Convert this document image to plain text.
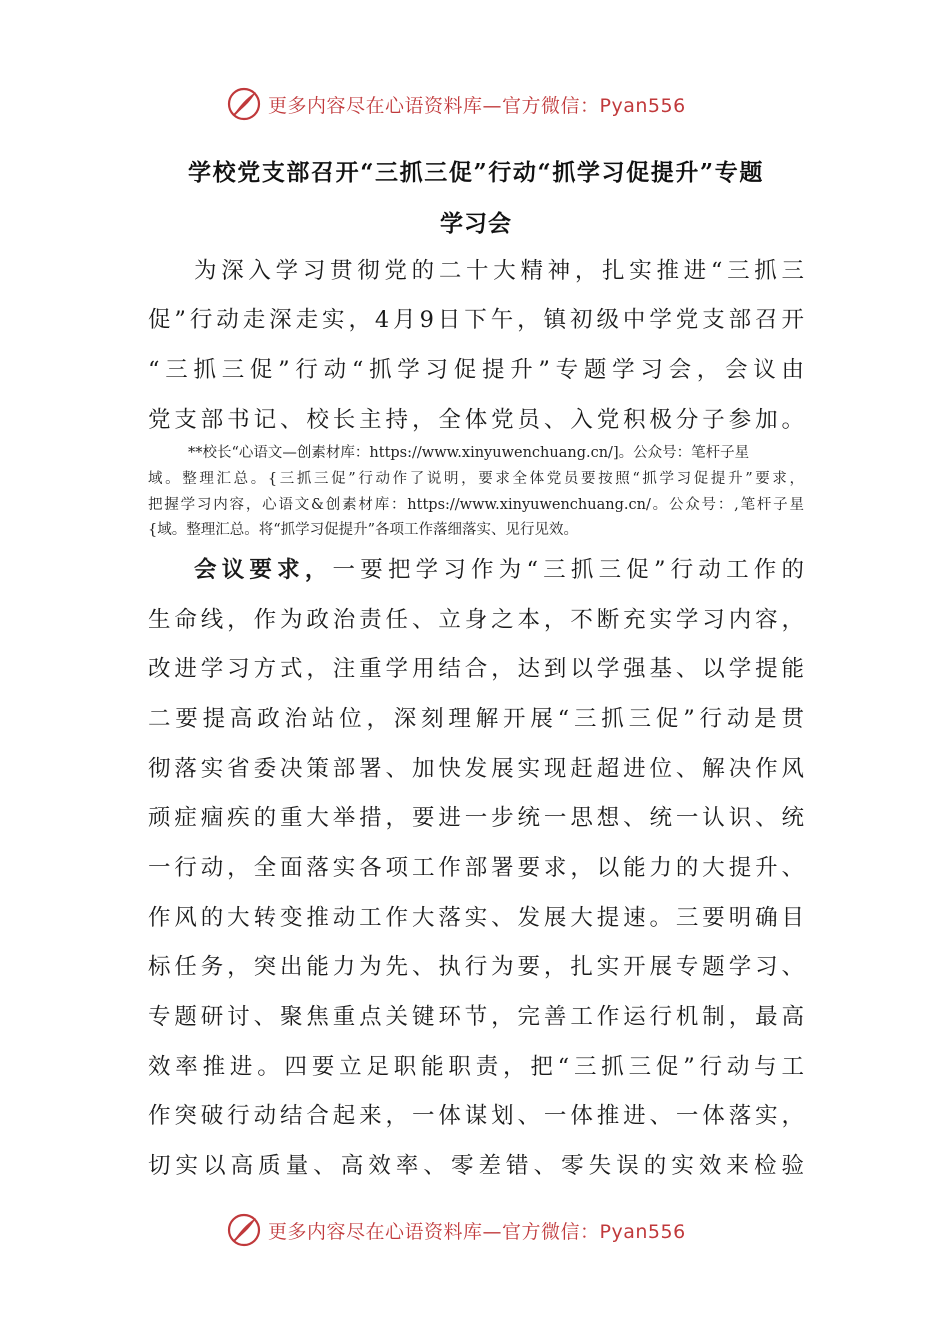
更多内容尽在心语资料库—官方微信：Pyan556
学校党支部召开“三抓三促”行动“抓学习促提升”专题
学习会
为深入学习贯彻党的二十大精神，扎实推进“三抓三
促”行动走深走实，4月9日下午，镇初级中学党支部召开
“三抓三促”行动“抓学习促提升”专题学习会，会议由
党支部书记、校长主持，全体党员、入党积极分子参加。
**校长“心语文—创素材库：https://www.xinyuwenchuang.cn/]。公众号：笔杆子星
域。整理汇总。{三抓三促”行动作了说明，要求全体党员要按照“抓学习促提升”要求，
把握学习内容，心语文&创素材库：https://www.xinyuwenchuang.cn/。公众号：,笔杆子星
{域。整理汇总。将“抓学习促提升”各项工作落细落实、见行见效。
会议要求，一要把学习作为“三抓三促”行动工作的
生命线，作为政治责任、立身之本，不断充实学习内容，
改进学习方式，注重学用结合，达到以学强基、以学提能
二要提高政治站位，深刻理解开展“三抓三促”行动是贯
彻落实省委决策部署、加快发展实现赶超进位、解决作风
顽症痼疾的重大举措，要进一步统一思想、统一认识、统
一行动，全面落实各项工作部署要求，以能力的大提升、
作风的大转变推动工作大落实、发展大提速。三要明确目
标任务，突出能力为先、执行为要，扎实开展专题学习、
专题研讨、聚焦重点关键环节，完善工作运行机制，最高
效率推进。四要立足职能职责，把“三抓三促”行动与工
作突破行动结合起来，一体谋划、一体推进、一体落实，
切实以高质量、高效率、零差错、零失误的实效来检验
更多内容尽在心语资料库—官方微信：Pyan556
